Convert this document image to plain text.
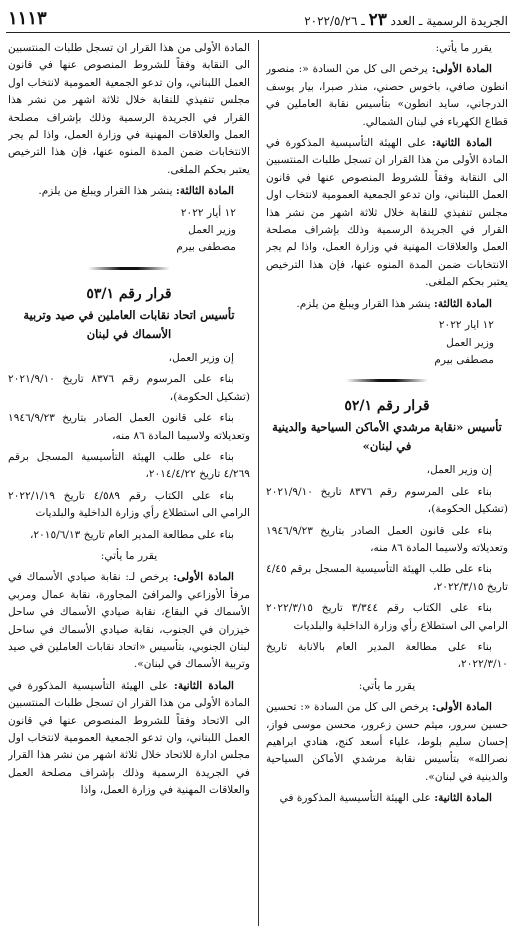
الجريدة الرسمية ـ العدد ٢٣ ـ ٢٠٢٢/٥/٢٦
١١١٣

يقرر ما يأتي:

المادة الأولى: يرخص الى كل من السادة «: منصور انطون صافي، باخوس حصني، منذر صبرا، بيار يوسف الدرجاني، سايد انطون» بتأسيس نقابة العاملين في قطاع الكهرباء في لبنان الشمالي.

المادة الثانية: على الهيئة التأسيسية المذكورة في المادة الأولى من هذا القرار ان تسجل طلبات المنتسبين الى النقابة وفقاً للشروط المنصوص عنها في قانون العمل اللبناني، وان تدعو الجمعية العمومية لانتخاب اول مجلس تنفيذي للنقابة خلال ثلاثة اشهر من نشر هذا القرار في الجريدة الرسمية وذلك بإشراف مصلحة العمل والعلاقات المهنية في وزارة العمل، واذا لم يجر الانتخابات ضمن المدة المنوه عنها، فإن هذا الترخيص يعتبر بحكم الملغى.

المادة الثالثة: ينشر هذا القرار ويبلغ من يلزم.

١٢ ايار ٢٠٢٢

وزير العمل

مصطفى بيرم

قرار رقم ٥٢/١
تأسيس «نقابة مرشدي الأماكن السياحية والدينية في لبنان»

إن وزير العمل،

بناء على المرسوم رقم ٨٣٧٦ تاريخ ٢٠٢١/٩/١٠ (تشكيل الحكومة)،

بناء على قانون العمل الصادر بتاريخ ١٩٤٦/٩/٢٣ وتعديلاته ولاسيما المادة ٨٦ منه،

بناء على طلب الهيئة التأسيسية المسجل برقم ٤/٤٥ تاريخ ٢٠٢٢/٣/١٥،

بناء على الكتاب رقم ٣/٣٤٤ تاريخ ٢٠٢٢/٣/١٥ الرامي الى استطلاع رأي وزارة الداخلية والبلديات

بناء على مطالعة المدير العام بالانابة تاريخ ٢٠٢٢/٣/١٠،

يقرر ما يأتي:

المادة الأولى: يرخص الى كل من السادة «: تحسين حسين سرور، ميثم حسن زعرور، محسن موسى فواز، إحسان سليم بلوط، علياء أسعد كنج، هنادي ابراهيم نصرالله» بتأسيس نقابة مرشدي الأماكن السياحية والدينية في لبنان».

المادة الثانية: على الهيئة التأسيسية المذكورة في

المادة الأولى من هذا القرار ان تسجل طلبات المنتسبين الى النقابة وفقاً للشروط المنصوص عنها في قانون العمل اللبناني، وان تدعو الجمعية العمومية لانتخاب اول مجلس تنفيذي للنقابة خلال ثلاثة اشهر من نشر هذا القرار في الجريدة الرسمية وذلك بإشراف مصلحة العمل والعلاقات المهنية في وزارة العمل، واذا لم يجر الانتخابات ضمن المدة المنوه عنها، فإن هذا الترخيص يعتبر بحكم الملغى.

المادة الثالثة: ينشر هذا القرار ويبلغ من يلزم.

١٢ أيار ٢٠٢٢

وزير العمل

مصطفى بيرم

قرار رقم ٥٣/١
تأسيس اتحاد نقابات العاملين في صيد وتربية الأسماك في لبنان

إن وزير العمل،

بناء على المرسوم رقم ٨٣٧٦ تاريخ ٢٠٢١/٩/١٠ (تشكيل الحكومة)،

بناء على قانون العمل الصادر بتاريخ ١٩٤٦/٩/٢٣ وتعديلاته ولاسيما المادة ٨٦ منه،

بناء على طلب الهيئة التأسيسية المسجل برقم ٤/٢٦٩ تاريخ ٢٠١٤/٤/٢٢،

بناء على الكتاب رقم ٤/٥٨٩ تاريخ ٢٠٢٢/١/١٩ الرامي الى استطلاع رأي وزارة الداخلية والبلديات

بناء على مطالعة المدير العام تاريخ ٢٠١٥/٦/١٣،

يقرر ما يأتي:

المادة الأولى: يرخص لـ: نقابة صيادي الأسماك في مرفأ الأوزاعي والمرافئ المجاورة، نقابة عمال ومربي الأسماك في البقاع، نقابة صيادي الأسماك في ساحل خيزران في الجنوب، نقابة صيادي الأسماك في ساحل لبنان الجنوبي، بتأسيس «اتحاد نقابات العاملين في صيد وتربية الأسماك في لبنان».

المادة الثانية: على الهيئة التأسيسية المذكورة في المادة الأولى من هذا القرار ان تسجل طلبات المنتسبين الى الاتحاد وفقاً للشروط المنصوص عنها في قانون العمل اللبناني، وان تدعو الجمعية العمومية لانتخاب اول مجلس ادارة للاتحاد خلال ثلاثة اشهر من نشر هذا القرار في الجريدة الرسمية وذلك بإشراف مصلحة العمل والعلاقات المهنية في وزارة العمل، واذا
